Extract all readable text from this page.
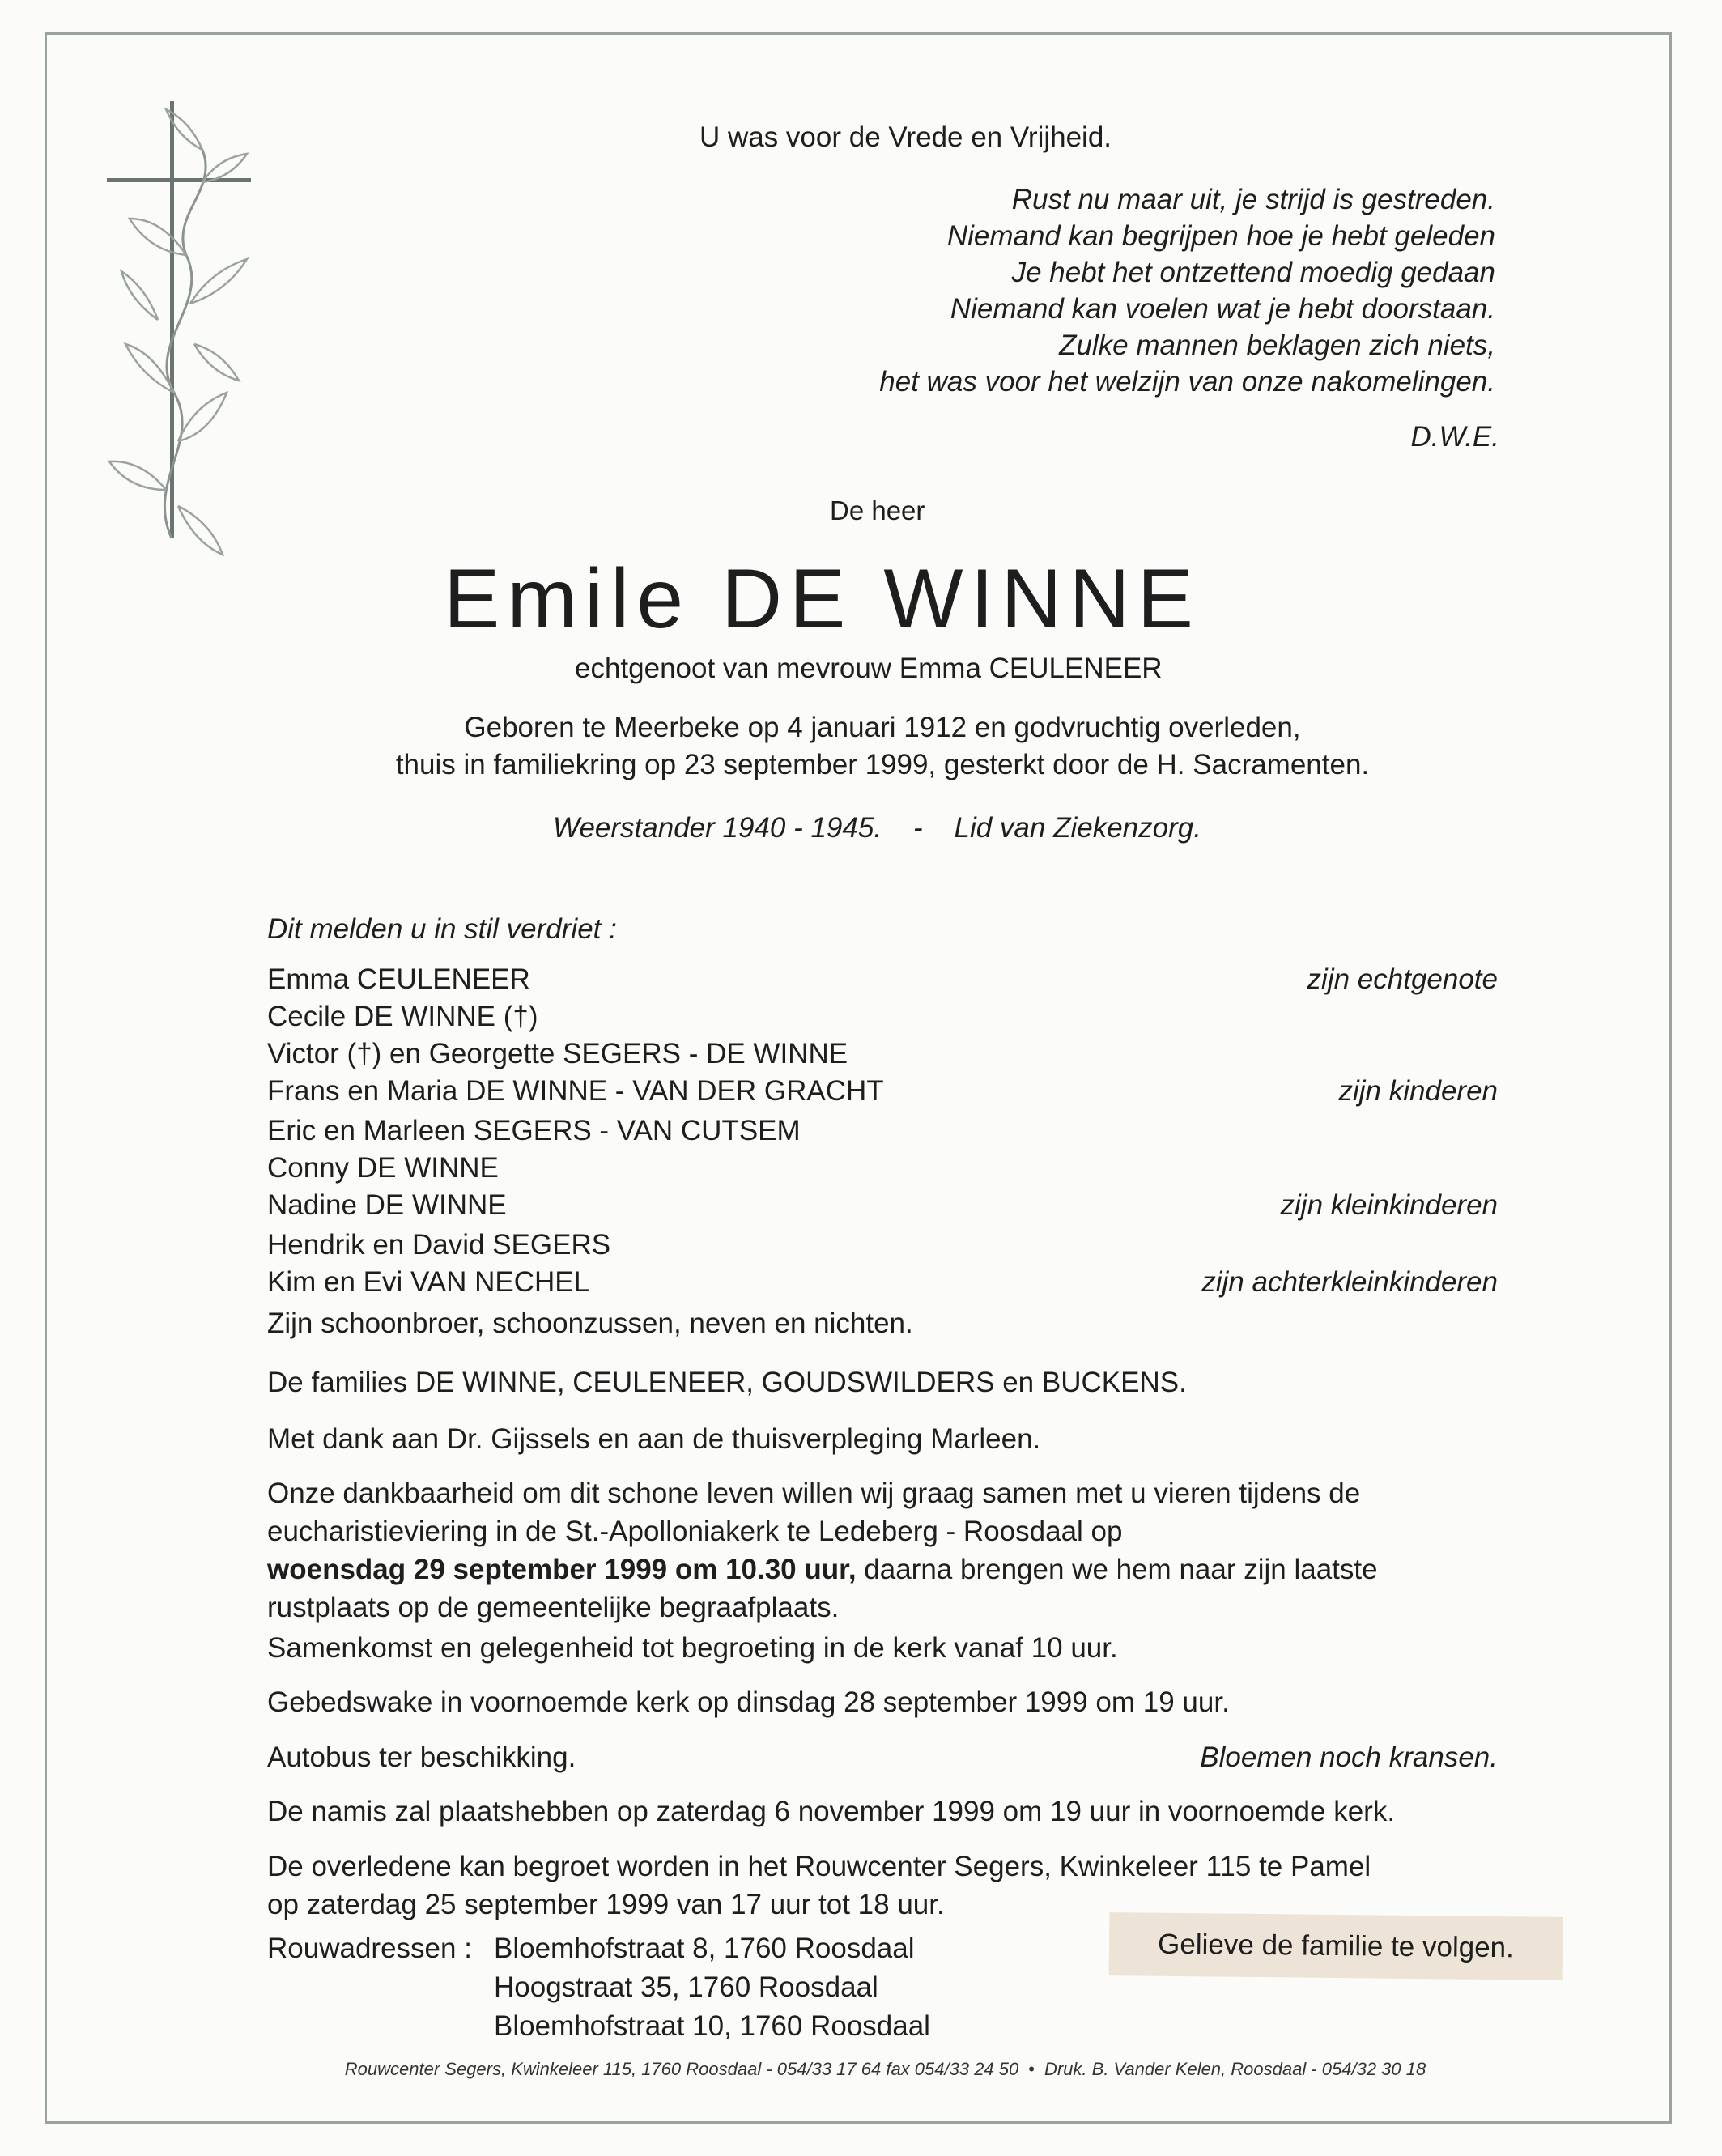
U was voor de Vrede en Vrijheid.
Rust nu maar uit, je strijd is gestreden.
Niemand kan begrijpen hoe je hebt geleden
Je hebt het ontzettend moedig gedaan
Niemand kan voelen wat je hebt doorstaan.
Zulke mannen beklagen zich niets,
het was voor het welzijn van onze nakomelingen.
D.W.E.
De heer
Emile DE WINNE
echtgenoot van mevrouw Emma CEULENEER
Geboren te Meerbeke op 4 januari 1912 en godvruchtig overleden,
thuis in familiekring op 23 september 1999, gesterkt door de H. Sacramenten.
Weerstander 1940 - 1945.    -    Lid van Ziekenzorg.
Dit melden u in stil verdriet :
Emma CEULENEER	zijn echtgenote
Cecile DE WINNE (†)
Victor (†) en Georgette SEGERS - DE WINNE
Frans en Maria DE WINNE - VAN DER GRACHT	zijn kinderen
Eric en Marleen SEGERS - VAN CUTSEM
Conny DE WINNE
Nadine DE WINNE	zijn kleinkinderen
Hendrik en David SEGERS
Kim en Evi VAN NECHEL	zijn achterkleinkinderen
Zijn schoonbroer, schoonzussen, neven en nichten.
De families DE WINNE, CEULENEER, GOUDSWILDERS en BUCKENS.
Met dank aan Dr. Gijssels en aan de thuisverpleging Marleen.
Onze dankbaarheid om dit schone leven willen wij graag samen met u vieren tijdens de
eucharistieviering in de St.-Apolloniakerk te Ledeberg - Roosdaal op
woensdag 29 september 1999 om 10.30 uur, daarna brengen we hem naar zijn laatste
rustplaats op de gemeentelijke begraafplaats.
Samenkomst en gelegenheid tot begroeting in de kerk vanaf 10 uur.
Gebedswake in voornoemde kerk op dinsdag 28 september 1999 om 19 uur.
Autobus ter beschikking.	Bloemen noch kransen.
De namis zal plaatshebben op zaterdag 6 november 1999 om 19 uur in voornoemde kerk.
De overledene kan begroet worden in het Rouwcenter Segers, Kwinkeleer 115 te Pamel
op zaterdag 25 september 1999 van 17 uur tot 18 uur.
Rouwadressen : Bloemhofstraat 8, 1760 Roosdaal
Hoogstraat 35, 1760 Roosdaal
Bloemhofstraat 10, 1760 Roosdaal
Gelieve de familie te volgen.
Rouwcenter Segers, Kwinkeleer 115, 1760 Roosdaal - 054/33 17 64 fax 054/33 24 50 • Druk. B. Vander Kelen, Roosdaal - 054/32 30 18
